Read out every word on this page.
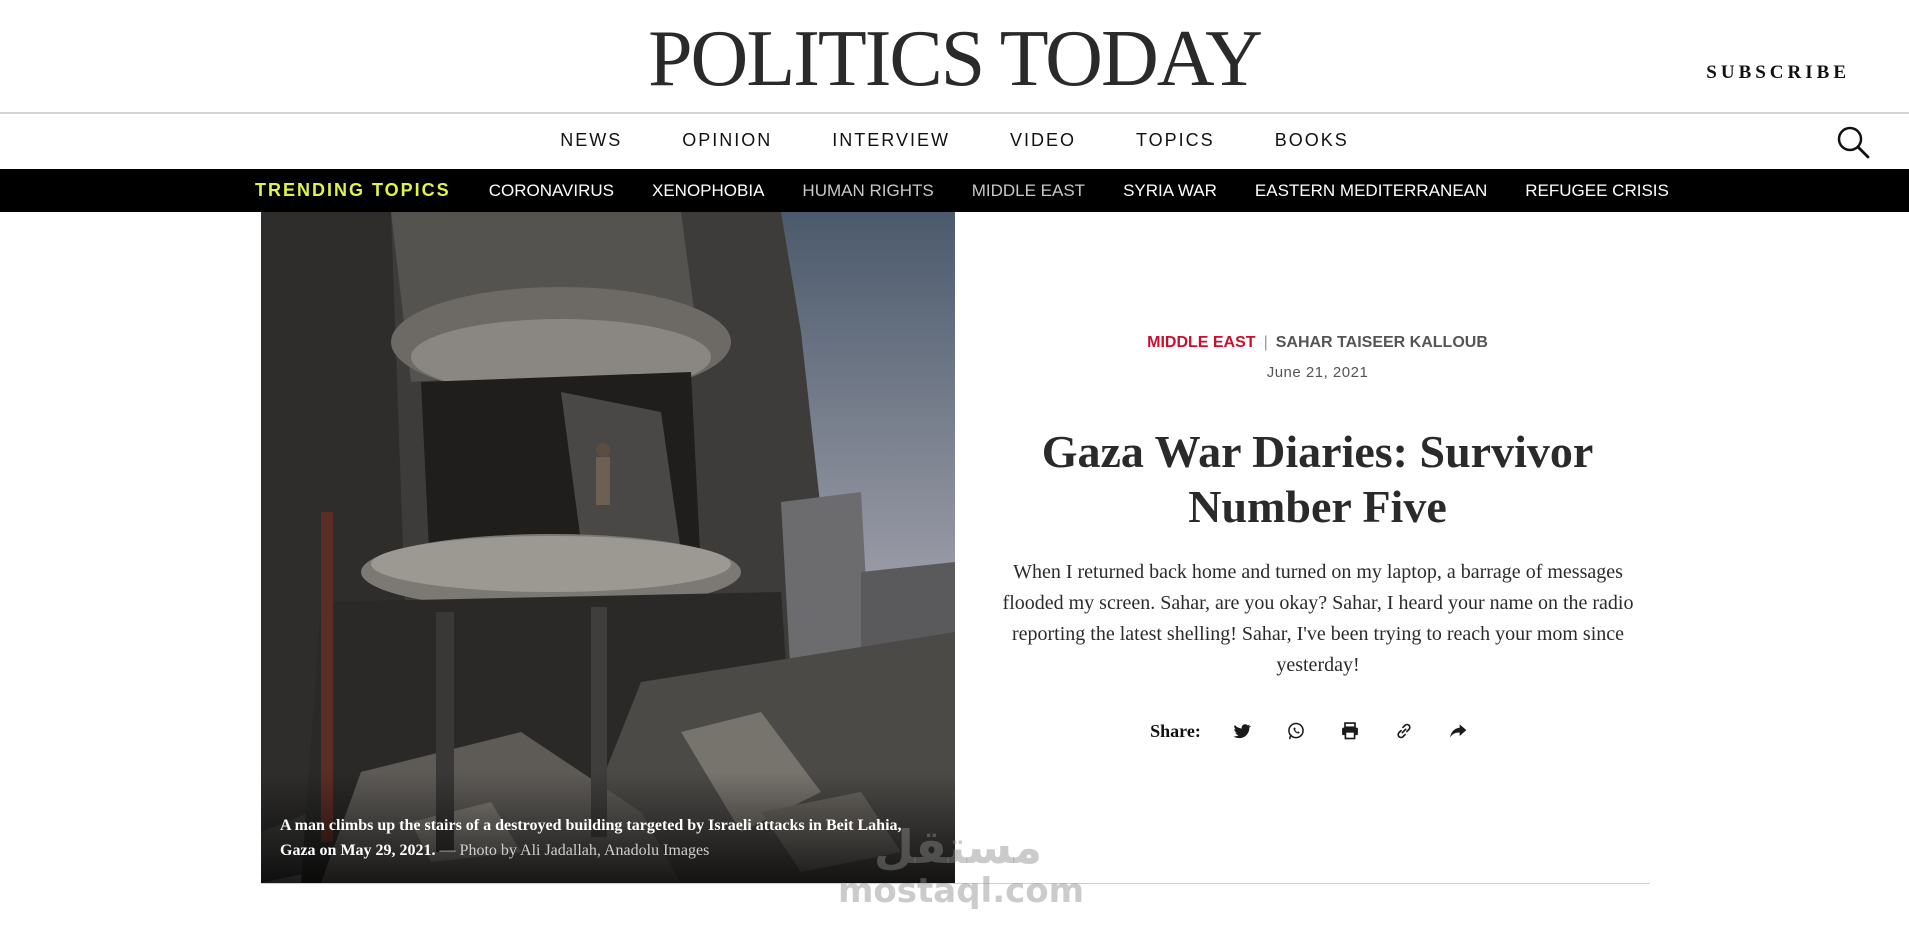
POLITICS TODAY	SUBSCRIBE
NEWS	OPINION	INTERVIEW	VIDEO	TOPICS	BOOKS
TRENDING TOPICS CORONAVIRUS XENOPHOBIA HUMAN RIGHTS MIDDLE EAST SYRIA WAR EASTERN MEDITERRANEAN REFUGEE CRISIS
A man climbs up the stairs of a destroyed building targeted by Israeli attacks in Beit Lahia, Gaza on May 29, 2021. — Photo by Ali Jadallah, Anadolu Images
MIDDLE EAST | SAHAR TAISEER KALLOUB
June 21, 2021
Gaza War Diaries: Survivor Number Five

When I returned back home and turned on my laptop, a barrage of messages flooded my screen. Sahar, are you okay? Sahar, I heard your name on the radio reporting the latest shelling! Sahar, I've been trying to reach your mom since yesterday!

Share:
مستقل
mostaql.com
